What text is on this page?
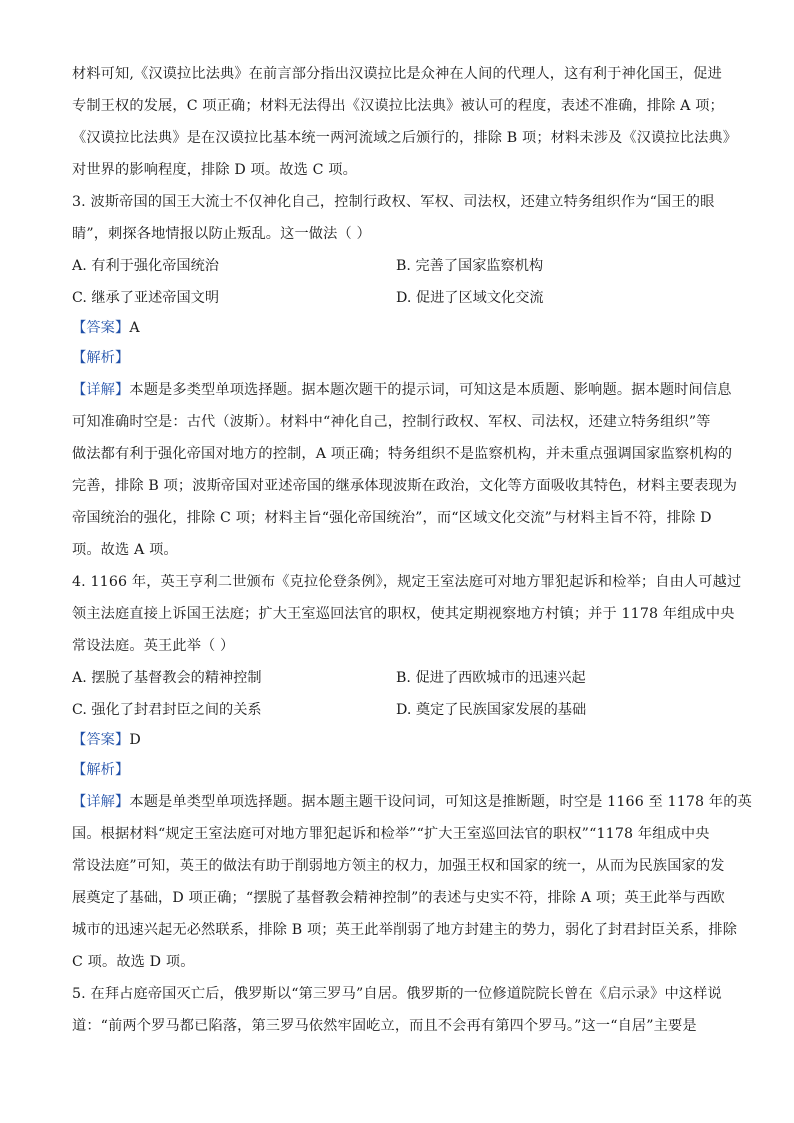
材料可知,《汉谟拉比法典》在前言部分指出汉谟拉比是众神在人间的代理人，这有利于神化国王，促进
专制王权的发展，C 项正确；材料无法得出《汉谟拉比法典》被认可的程度，表述不准确，排除 A 项；
《汉谟拉比法典》是在汉谟拉比基本统一两河流域之后颁行的，排除 B 项；材料未涉及《汉谟拉比法典》
对世界的影响程度，排除 D 项。故选 C 项。
3. 波斯帝国的国王大流士不仅神化自己，控制行政权、军权、司法权，还建立特务组织作为“国王的眼
睛”，刺探各地情报以防止叛乱。这一做法（ ）
A. 有利于强化帝国统治	B. 完善了国家监察机构
C. 继承了亚述帝国文明	D. 促进了区域文化交流
【答案】A
【解析】
【详解】本题是多类型单项选择题。据本题次题干的提示词，可知这是本质题、影响题。据本题时间信息
可知准确时空是：古代（波斯）。材料中“神化自己，控制行政权、军权、司法权，还建立特务组织”等
做法都有利于强化帝国对地方的控制，A 项正确；特务组织不是监察机构，并未重点强调国家监察机构的
完善，排除 B 项；波斯帝国对亚述帝国的继承体现波斯在政治，文化等方面吸收其特色，材料主要表现为
帝国统治的强化，排除 C 项；材料主旨“强化帝国统治”，而“区域文化交流”与材料主旨不符，排除 D
项。故选 A 项。
4. 1166 年，英王亨利二世颁布《克拉伦登条例》，规定王室法庭可对地方罪犯起诉和检举；自由人可越过
领主法庭直接上诉国王法庭；扩大王室巡回法官的职权，使其定期视察地方村镇；并于 1178 年组成中央
常设法庭。英王此举（ ）
A. 摆脱了基督教会的精神控制	B. 促进了西欧城市的迅速兴起
C. 强化了封君封臣之间的关系	D. 奠定了民族国家发展的基础
【答案】D
【解析】
【详解】本题是单类型单项选择题。据本题主题干设问词，可知这是推断题，时空是 1166 至 1178 年的英
国。根据材料“规定王室法庭可对地方罪犯起诉和检举”“扩大王室巡回法官的职权”“1178 年组成中央
常设法庭”可知，英王的做法有助于削弱地方领主的权力，加强王权和国家的统一，从而为民族国家的发
展奠定了基础，D 项正确；“摆脱了基督教会精神控制”的表述与史实不符，排除 A 项；英王此举与西欧
城市的迅速兴起无必然联系，排除 B 项；英王此举削弱了地方封建主的势力，弱化了封君封臣关系，排除
C 项。故选 D 项。
5. 在拜占庭帝国灭亡后，俄罗斯以“第三罗马”自居。俄罗斯的一位修道院院长曾在《启示录》中这样说
道：“前两个罗马都已陷落，第三罗马依然牢固屹立，而且不会再有第四个罗马。”这一“自居”主要是
